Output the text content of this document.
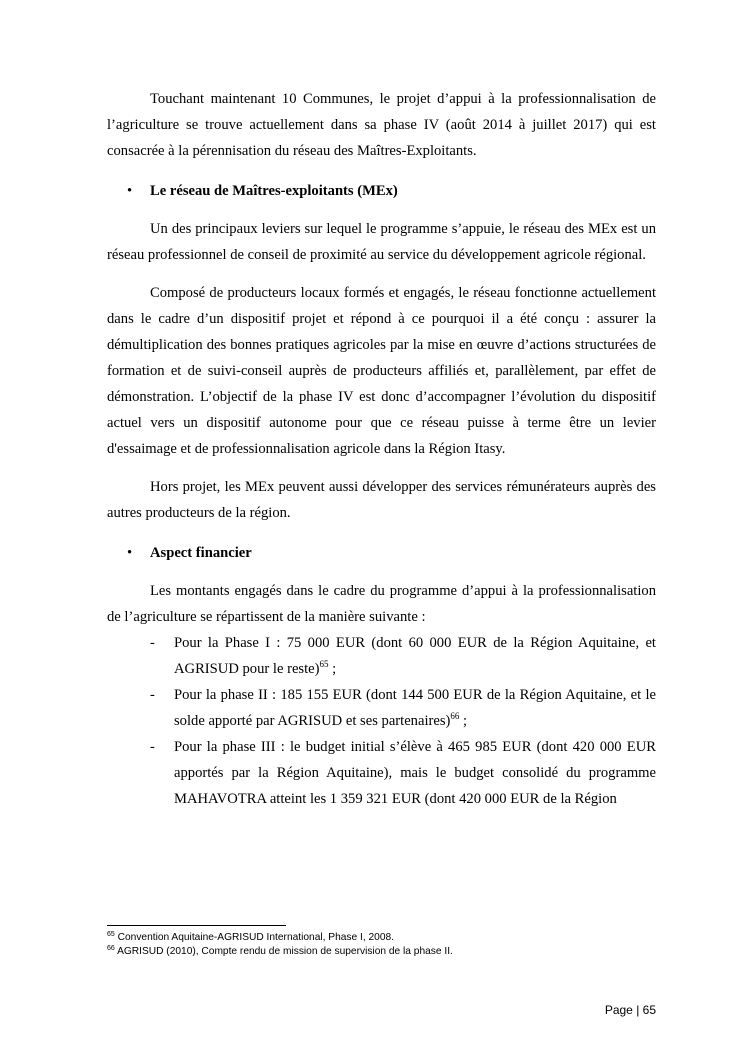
Touchant maintenant 10 Communes, le projet d’appui à la professionnalisation de l’agriculture se trouve actuellement dans sa phase IV (août 2014 à juillet 2017) qui est consacrée à la pérennisation du réseau des Maîtres-Exploitants.

• Le réseau de Maîtres-exploitants (MEx)

Un des principaux leviers sur lequel le programme s’appuie, le réseau des MEx est un réseau professionnel de conseil de proximité au service du développement agricole régional.

Composé de producteurs locaux formés et engagés, le réseau fonctionne actuellement dans le cadre d’un dispositif projet et répond à ce pourquoi il a été conçu : assurer la démultiplication des bonnes pratiques agricoles par la mise en œuvre d’actions structurées de formation et de suivi-conseil auprès de producteurs affiliés et, parallèlement, par effet de démonstration. L’objectif de la phase IV est donc d’accompagner l’évolution du dispositif actuel vers un dispositif autonome pour que ce réseau puisse à terme être un levier d'essaimage et de professionnalisation agricole dans la Région Itasy.

Hors projet, les MEx peuvent aussi développer des services rémunérateurs auprès des autres producteurs de la région.

• Aspect financier

Les montants engagés dans le cadre du programme d’appui à la professionnalisation de l’agriculture se répartissent de la manière suivante :

- Pour la Phase I : 75 000 EUR (dont 60 000 EUR de la Région Aquitaine, et AGRISUD pour le reste)$^{65}$ ;
- Pour la phase II : 185 155 EUR (dont 144 500 EUR de la Région Aquitaine, et le solde apporté par AGRISUD et ses partenaires)$^{66}$ ;
- Pour la phase III : le budget initial s’élève à 465 985 EUR (dont 420 000 EUR apportés par la Région Aquitaine), mais le budget consolidé du programme MAHAVOTRA atteint les 1 359 321 EUR (dont 420 000 EUR de la Région
$^{65}$ Convention Aquitaine-AGRISUD International, Phase I, 2008.
$^{66}$ AGRISUD (2010), Compte rendu de mission de supervision de la phase II.
Page | 65
